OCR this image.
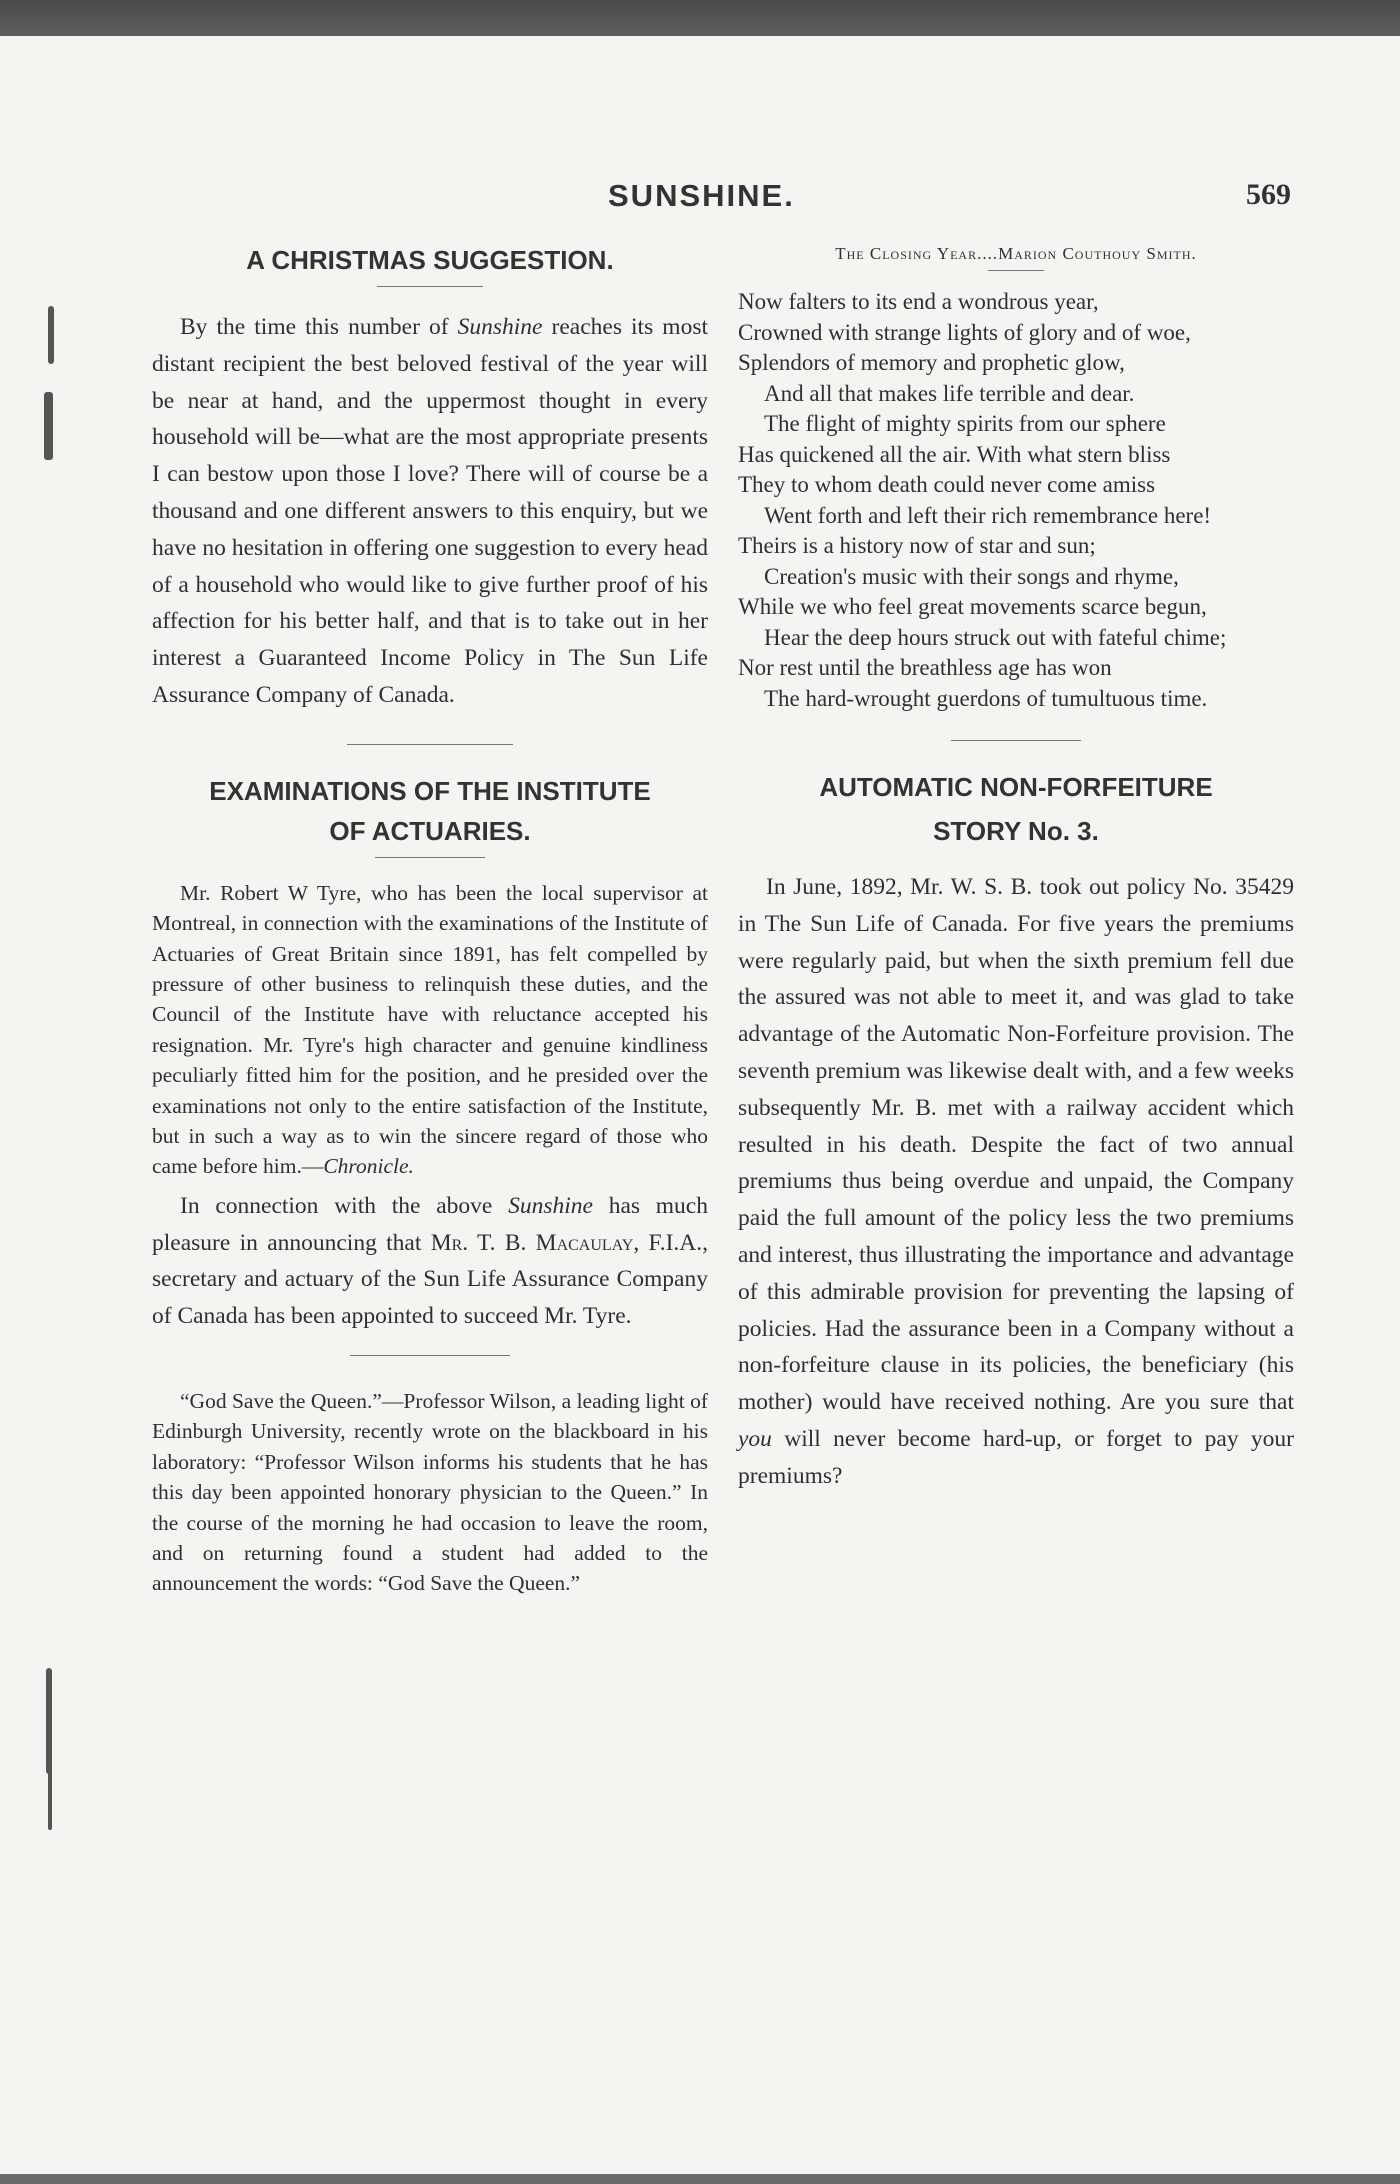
SUNSHINE.	569
A CHRISTMAS SUGGESTION.

By the time this number of Sunshine reaches its most distant recipient the best beloved festival of the year will be near at hand, and the uppermost thought in every household will be—what are the most appropriate presents I can bestow upon those I love? There will of course be a thousand and one different answers to this enquiry, but we have no hesitation in offering one suggestion to every head of a household who would like to give further proof of his affection for his better half, and that is to take out in her interest a Guaranteed Income Policy in The Sun Life Assurance Company of Canada.

EXAMINATIONS OF THE INSTITUTE
OF ACTUARIES.

Mr. Robert W Tyre, who has been the local supervisor at Montreal, in connection with the examinations of the Institute of Actuaries of Great Britain since 1891, has felt compelled by pressure of other business to relinquish these duties, and the Council of the Institute have with reluctance accepted his resignation. Mr. Tyre's high character and genuine kindliness peculiarly fitted him for the position, and he presided over the examinations not only to the entire satisfaction of the Institute, but in such a way as to win the sincere regard of those who came before him.—Chronicle.

In connection with the above Sunshine has much pleasure in announcing that Mr. T. B. Macaulay, F.I.A., secretary and actuary of the Sun Life Assurance Company of Canada has been appointed to succeed Mr. Tyre.

“God Save the Queen.”—Professor Wilson, a leading light of Edinburgh University, recently wrote on the blackboard in his laboratory: “Professor Wilson informs his students that he has this day been appointed honorary physician to the Queen.” In the course of the morning he had occasion to leave the room, and on returning found a student had added to the announcement the words: “God Save the Queen.”

The Closing Year....Marion Couthouy Smith.

Now falters to its end a wondrous year,
Crowned with strange lights of glory and of woe,
Splendors of memory and prophetic glow,
And all that makes life terrible and dear.
The flight of mighty spirits from our sphere
Has quickened all the air. With what stern bliss
They to whom death could never come amiss
Went forth and left their rich remembrance here!
Theirs is a history now of star and sun;
Creation's music with their songs and rhyme,
While we who feel great movements scarce begun,
Hear the deep hours struck out with fateful chime;
Nor rest until the breathless age has won
The hard-wrought guerdons of tumultuous time.
AUTOMATIC NON-FORFEITURE
STORY No. 3.

In June, 1892, Mr. W. S. B. took out policy No. 35429 in The Sun Life of Canada. For five years the premiums were regularly paid, but when the sixth premium fell due the assured was not able to meet it, and was glad to take advantage of the Automatic Non-Forfeiture provision. The seventh premium was likewise dealt with, and a few weeks subsequently Mr. B. met with a railway accident which resulted in his death. Despite the fact of two annual premiums thus being overdue and unpaid, the Company paid the full amount of the policy less the two premiums and interest, thus illustrating the importance and advantage of this admirable provision for preventing the lapsing of policies. Had the assurance been in a Company without a non-forfeiture clause in its policies, the beneficiary (his mother) would have received nothing. Are you sure that you will never become hard-up, or forget to pay your premiums?
